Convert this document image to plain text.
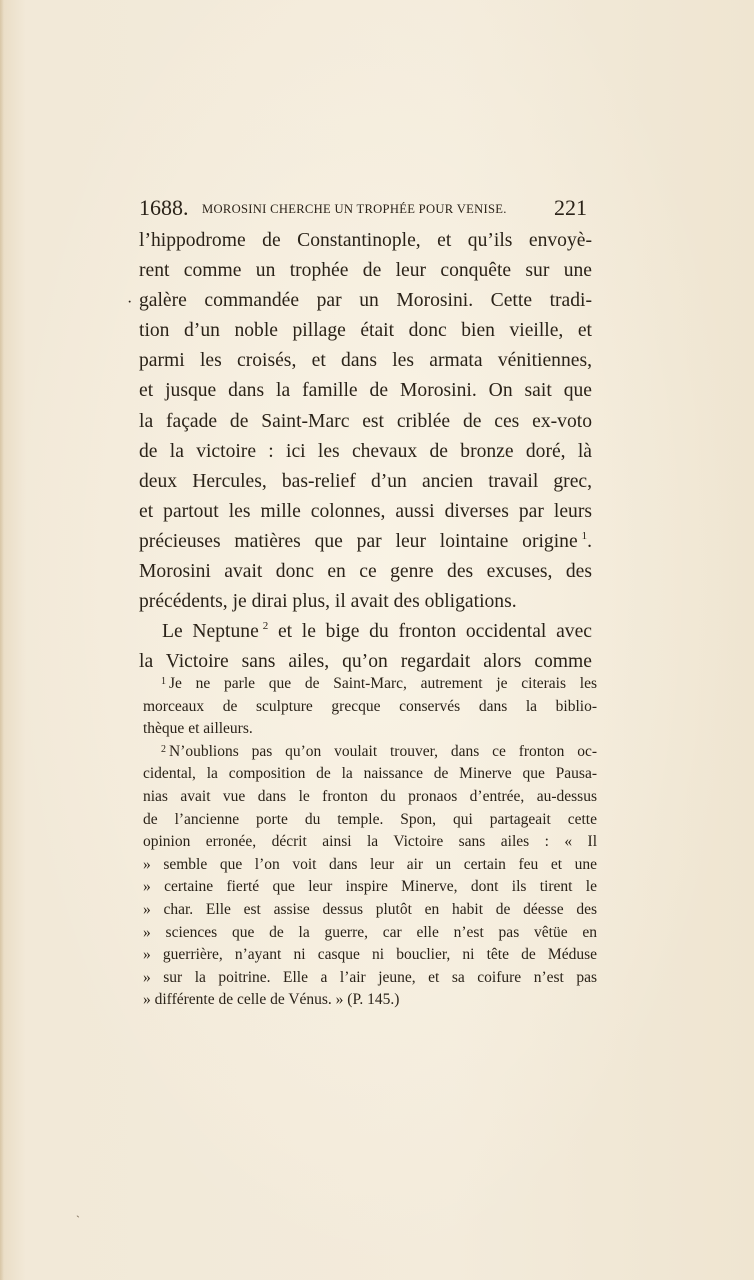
1688. MOROSINI CHERCHE UN TROPHÉE POUR VENISE. 221
·
l’hippodrome de Constantinople, et qu’ils envoyè-
rent comme un trophée de leur conquête sur une
galère commandée par un Morosini. Cette tradi-
tion d’un noble pillage était donc bien vieille, et
parmi les croisés, et dans les armata vénitiennes,
et jusque dans la famille de Morosini. On sait que
la façade de Saint-Marc est criblée de ces ex-voto
de la victoire : ici les chevaux de bronze doré, là
deux Hercules, bas-relief d’un ancien travail grec,
et partout les mille colonnes, aussi diverses par leurs
précieuses matières que par leur lointaine origine  $^1$.
Morosini avait donc en ce genre des excuses, des
précédents, je dirai plus, il avait des obligations.
Le Neptune  $^2$ et le bige du fronton occidental avec
la Victoire sans ailes, qu’on regardait alors comme
$^1$ Je ne parle que de Saint-Marc, autrement je citerais les
morceaux de sculpture grecque conservés dans la biblio-
thèque et ailleurs.
$^2$ N’oublions pas qu’on voulait trouver, dans ce fronton oc-
cidental, la composition de la naissance de Minerve que Pausa-
nias avait vue dans le fronton du pronaos d’entrée, au-dessus
de l’ancienne porte du temple. Spon, qui partageait cette
opinion erronée, décrit ainsi la Victoire sans ailes : « Il
» semble que l’on voit dans leur air un certain feu et une
» certaine fierté que leur inspire Minerve, dont ils tirent le
» char. Elle est assise dessus plutôt en habit de déesse des
» sciences que de la guerre, car elle n’est pas vêtüe en
» guerrière, n’ayant ni casque ni bouclier, ni tête de Méduse
» sur la poitrine. Elle a l’air jeune, et sa coifure n’est pas
» différente de celle de Vénus. » (P. 145.)
ˋ
